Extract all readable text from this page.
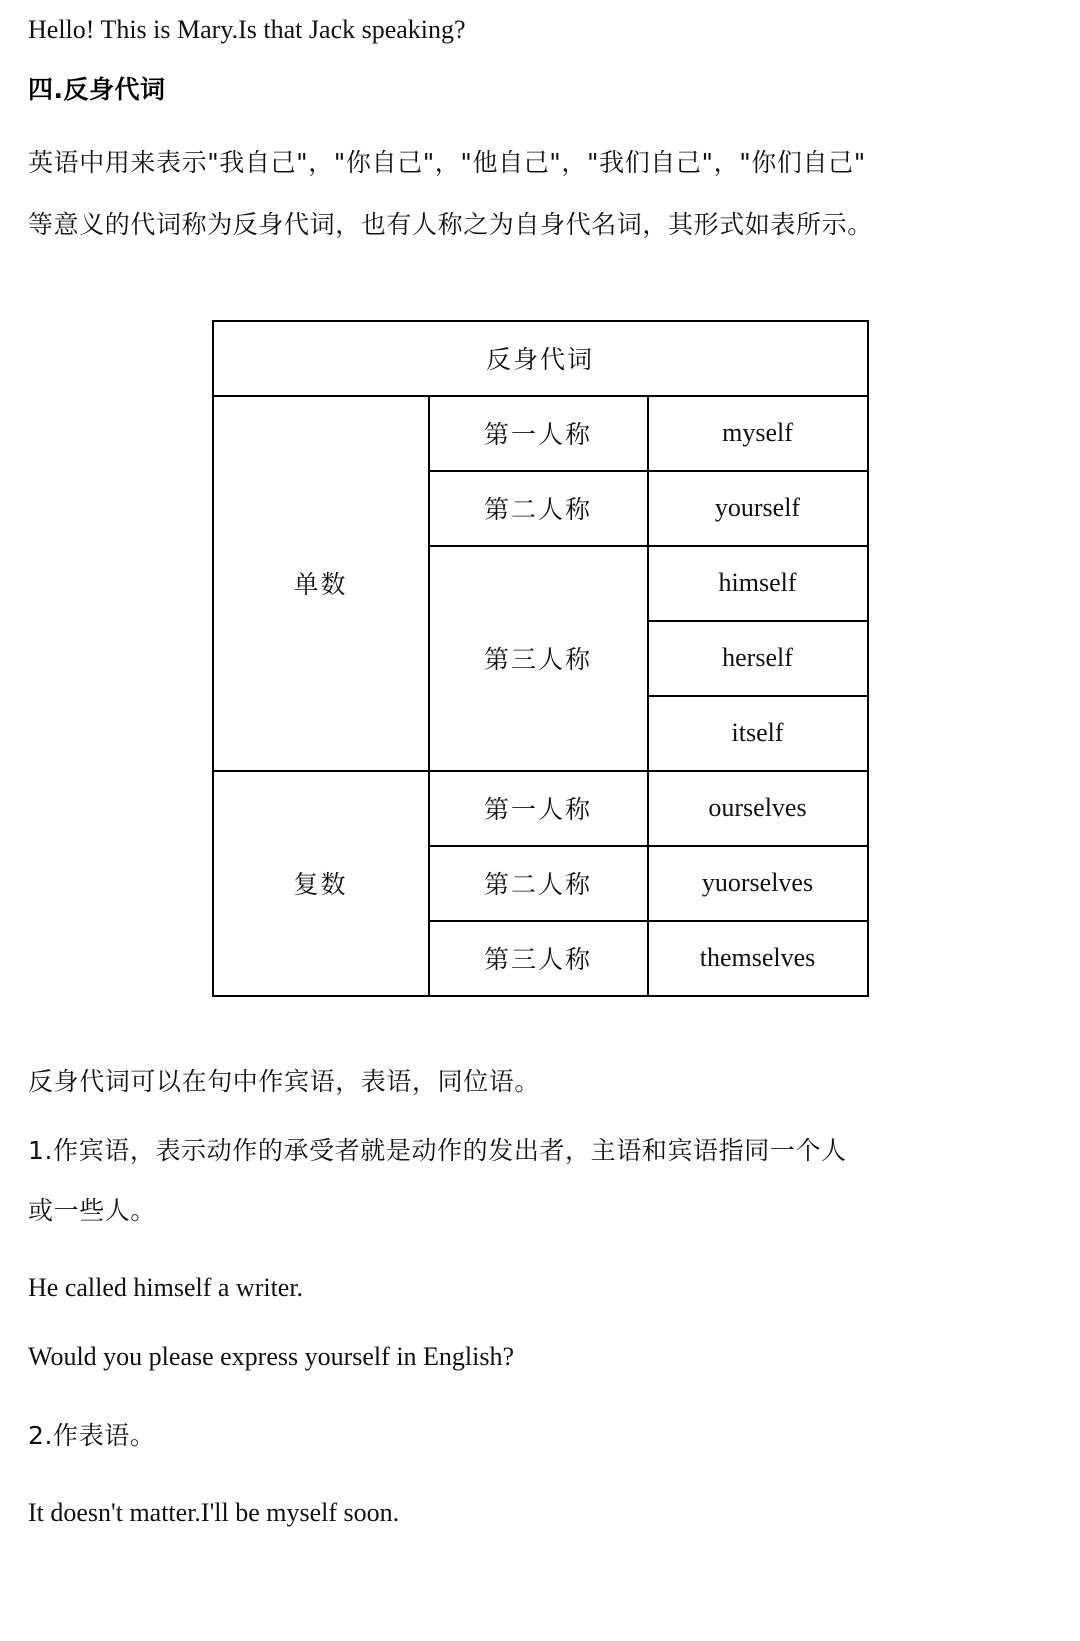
Hello! This is Mary.Is that Jack speaking?

四.反身代词

英语中用来表示"我自己"，"你自己"，"他自己"，"我们自己"，"你们自己"

等意义的代词称为反身代词，也有人称之为自身代名词，其形式如表所示。

反身代词		
单数	第一人称	myself
	第二人称	yourself
	第三人称	himself
		herself
		itself
复数	第一人称	ourselves
	第二人称	yuorselves
	第三人称	themselves

反身代词可以在句中作宾语，表语，同位语。

1.作宾语，表示动作的承受者就是动作的发出者，主语和宾语指同一个人

或一些人。

He called himself a writer.

Would you please express yourself in English?

2.作表语。

It doesn't matter.I'll be myself soon.
